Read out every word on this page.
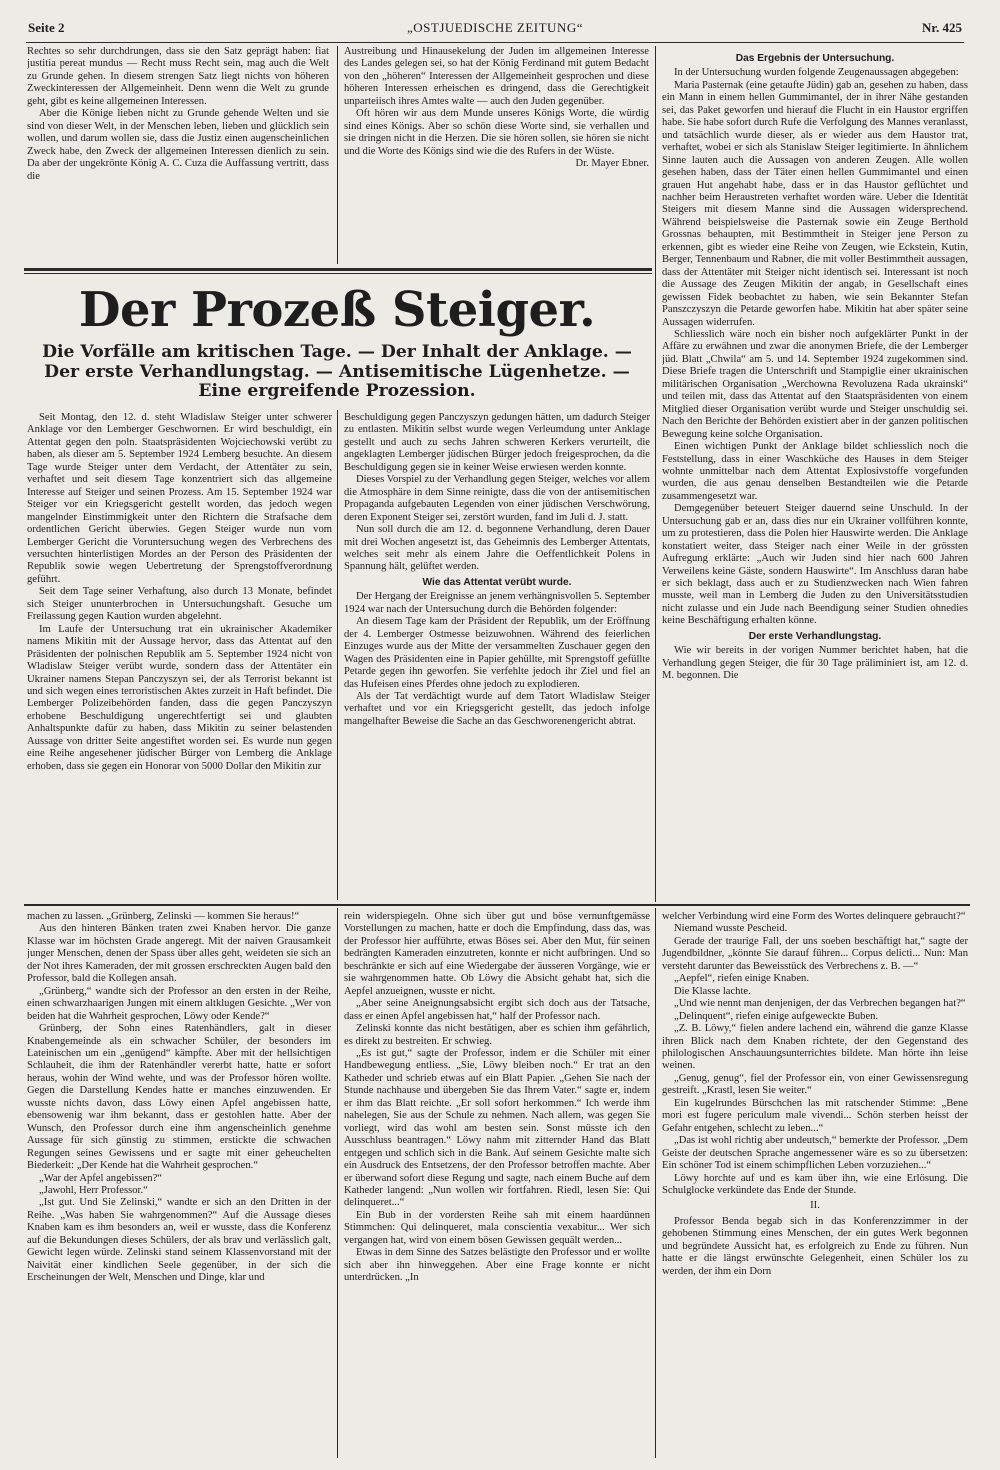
Seite 2	„OSTJUEDISCHE ZEITUNG“	Nr. 425

Rechtes so sehr durchdrungen, dass sie den Satz geprägt haben: fiat justitia pereat mundus — Recht muss Recht sein, mag auch die Welt zu Grunde gehen. In diesem strengen Satz liegt nichts von höheren Zweckinteressen der Allgemeinheit. Denn wenn die Welt zu grunde geht, gibt es keine allgemeinen Interessen.

Aber die Könige lieben nicht zu Grunde gehende Welten und sie sind von dieser Welt, in der Menschen leben, lieben und glücklich sein wollen, und darum wollen sie, dass die Justiz einen augenscheinlichen Zweck habe, den Zweck der allgemeinen Interessen dienlich zu sein. Da aber der ungekrönte König A. C. Cuza die Auffassung vertritt, dass die

Austreibung und Hinausekelung der Juden im allgemeinen Interesse des Landes gelegen sei, so hat der König Ferdinand mit gutem Bedacht von den „höheren“ Interessen der Allgemeinheit gesprochen und diese höheren Interessen erheischen es dringend, dass die Gerechtigkeit unparteiisch ihres Amtes walte — auch den Juden gegenüber.

Oft hören wir aus dem Munde unseres Königs Worte, die würdig sind eines Königs. Aber so schön diese Worte sind, sie verhallen und sie dringen nicht in die Herzen. Die sie hören sollen, sie hören sie nicht und die Worte des Königs sind wie die des Rufers in der Wüste.

Dr. Mayer Ebner.

Der Prozeß Steiger.
Die Vorfälle am kritischen Tage. — Der Inhalt der Anklage. — Der erste Verhandlungstag. — Antisemitische Lügenhetze. — Eine ergreifende Prozession.

Seit Montag, den 12. d. steht Wladislaw Steiger unter schwerer Anklage vor den Lemberger Geschwornen. Er wird beschuldigt, ein Attentat gegen den poln. Staatspräsidenten Wojciechowski verübt zu haben, als dieser am 5. September 1924 Lemberg besuchte. An diesem Tage wurde Steiger unter dem Verdacht, der Attentäter zu sein, verhaftet und seit diesem Tage konzentriert sich das allgemeine Interesse auf Steiger und seinen Prozess. Am 15. September 1924 war Steiger vor ein Kriegsgericht gestellt worden, das jedoch wegen mangelnder Einstimmigkeit unter den Richtern die Strafsache dem ordentlichen Gericht überwies. Gegen Steiger wurde nun vom Lemberger Gericht die Voruntersuchung wegen des Verbrechens des versuchten hinterlistigen Mordes an der Person des Präsidenten der Republik sowie wegen Uebertretung der Sprengstoffverordnung geführt.

Seit dem Tage seiner Verhaftung, also durch 13 Monate, befindet sich Steiger ununterbrochen in Untersuchungshaft. Gesuche um Freilassung gegen Kaution wurden abgelehnt.

Im Laufe der Untersuchung trat ein ukrainischer Akademiker namens Mikitin mit der Aussage hervor, dass das Attentat auf den Präsidenten der polnischen Republik am 5. September 1924 nicht von Wladislaw Steiger verübt wurde, sondern dass der Attentäter ein Ukrainer namens Stepan Panczyszyn sei, der als Terrorist bekannt ist und sich wegen eines terroristischen Aktes zurzeit in Haft befindet. Die Lemberger Polizeibehörden fanden, dass die gegen Panczyszyn erhobene Beschuldigung ungerechtfertigt sei und glaubten Anhaltspunkte dafür zu haben, dass Mikitin zu seiner belastenden Aussage von dritter Seite angestiftet worden sei. Es wurde nun gegen eine Reihe angesehener jüdischer Bürger von Lemberg die Anklage erhoben, dass sie gegen ein Honorar von 5000 Dollar den Mikitin zur

Beschuldigung gegen Panczyszyn gedungen hätten, um dadurch Steiger zu entlasten. Mikitin selbst wurde wegen Verleumdung unter Anklage gestellt und auch zu sechs Jahren schweren Kerkers verurteilt, die angeklagten Lemberger jüdischen Bürger jedoch freigesprochen, da die Beschuldigung gegen sie in keiner Weise erwiesen werden konnte.

Dieses Vorspiel zu der Verhandlung gegen Steiger, welches vor allem die Atmosphäre in dem Sinne reinigte, dass die von der antisemitischen Propaganda aufgebauten Legenden von einer jüdischen Verschwörung, deren Exponent Steiger sei, zerstört wurden, fand im Juli d. J. statt.

Nun soll durch die am 12. d. begonnene Verhandlung, deren Dauer mit drei Wochen angesetzt ist, das Geheimnis des Lemberger Attentats, welches seit mehr als einem Jahre die Oeffentlichkeit Polens in Spannung hält, gelüftet werden.

Wie das Attentat verübt wurde.

Der Hergang der Ereignisse an jenem verhängnisvollen 5. September 1924 war nach der Untersuchung durch die Behörden folgender:

An diesem Tage kam der Präsident der Republik, um der Eröffnung der 4. Lemberger Ostmesse beizuwohnen. Während des feierlichen Einzuges wurde aus der Mitte der versammelten Zuschauer gegen den Wagen des Präsidenten eine in Papier gehüllte, mit Sprengstoff gefüllte Petarde gegen ihn geworfen. Sie verfehlte jedoch ihr Ziel und fiel an das Hufeisen eines Pferdes ohne jedoch zu explodieren.

Als der Tat verdächtigt wurde auf dem Tatort Wladislaw Steiger verhaftet und vor ein Kriegsgericht gestellt, das jedoch infolge mangelhafter Beweise die Sache an das Geschworenengericht abtrat.

Das Ergebnis der Untersuchung.

In der Untersuchung wurden folgende Zeugenaussagen abgegeben:

Maria Pasternak (eine getaufte Jüdin) gab an, gesehen zu haben, dass ein Mann in einem hellen Gummimantel, der in ihrer Nähe gestanden sei, das Paket geworfen und hierauf die Flucht in ein Haustor ergriffen habe. Sie habe sofort durch Rufe die Verfolgung des Mannes veranlasst, und tatsächlich wurde dieser, als er wieder aus dem Haustor trat, verhaftet, wobei er sich als Stanislaw Steiger legitimierte. In ähnlichem Sinne lauten auch die Aussagen von anderen Zeugen. Alle wollen gesehen haben, dass der Täter einen hellen Gummimantel und einen grauen Hut angehabt habe, dass er in das Haustor geflüchtet und nachher beim Heraustreten verhaftet worden wäre. Ueber die Identität Steigers mit diesem Manne sind die Aussagen widersprechend. Während beispielsweise die Pasternak sowie ein Zeuge Berthold Grossnas behaupten, mit Bestimmtheit in Steiger jene Person zu erkennen, gibt es wieder eine Reihe von Zeugen, wie Eckstein, Kutin, Berger, Tennenbaum und Rabner, die mit voller Bestimmtheit aussagen, dass der Attentäter mit Steiger nicht identisch sei. Interessant ist noch die Aussage des Zeugen Mikitin der angab, in Gesellschaft eines gewissen Fidek beobachtet zu haben, wie sein Bekannter Stefan Panszczyszyn die Petarde geworfen habe. Mikitin hat aber später seine Aussagen widerrufen.

Schliesslich wäre noch ein bisher noch aufgeklärter Punkt in der Affäre zu erwähnen und zwar die anonymen Briefe, die der Lemberger jüd. Blatt „Chwila“ am 5. und 14. September 1924 zugekommen sind. Diese Briefe tragen die Unterschrift und Stampiglie einer ukrainischen militärischen Organisation „Werchowna Revoluzena Rada ukrainski“ und teilen mit, dass das Attentat auf den Staatspräsidenten von einem Mitglied dieser Organisation verübt wurde und Steiger unschuldig sei. Nach den Berichte der Behörden existiert aber in der ganzen politischen Bewegung keine solche Organisation.

Einen wichtigen Punkt der Anklage bildet schliesslich noch die Feststellung, dass in einer Waschküche des Hauses in dem Steiger wohnte unmittelbar nach dem Attentat Explosivstoffe vorgefunden wurden, die aus genau denselben Bestandteilen wie die Petarde zusammengesetzt war.

Demgegenüber beteuert Steiger dauernd seine Unschuld. In der Untersuchung gab er an, dass dies nur ein Ukrainer vollführen konnte, um zu protestieren, dass die Polen hier Hauswirte werden. Die Anklage konstatiert weiter, dass Steiger nach einer Weile in der grössten Aufregung erklärte: „Auch wir Juden sind hier nach 600 Jahren Verweilens keine Gäste, sondern Hauswirte“. Im Anschluss daran habe er sich beklagt, dass auch er zu Studienzwecken nach Wien fahren musste, weil man in Lemberg die Juden zu den Universitätsstudien nicht zulasse und ein Jude nach Beendigung seiner Studien ohnedies keine Beschäftigung erhalten könne.

Der erste Verhandlungstag.

Wie wir bereits in der vorigen Nummer berichtet haben, hat die Verhandlung gegen Steiger, die für 30 Tage präliminiert ist, am 12. d. M. begonnen. Die

machen zu lassen. „Grünberg, Zelinski — kommen Sie heraus!“

Aus den hinteren Bänken traten zwei Knaben hervor. Die ganze Klasse war im höchsten Grade angeregt. Mit der naiven Grausamkeit junger Menschen, denen der Spass über alles geht, weideten sie sich an der Not ihres Kameraden, der mit grossen erschreckten Augen bald den Professor, bald die Kollegen ansah.

„Grünberg,“ wandte sich der Professor an den ersten in der Reihe, einen schwarzhaarigen Jungen mit einem altklugen Gesichte. „Wer von beiden hat die Wahrheit gesprochen, Löwy oder Kende?“

Grünberg, der Sohn eines Ratenhändlers, galt in dieser Knabengemeinde als ein schwacher Schüler, der besonders im Lateinischen um ein „genügend“ kämpfte. Aber mit der hellsichtigen Schlauheit, die ihm der Ratenhändler vererbt hatte, hatte er sofort heraus, wohin der Wind wehte, und was der Professor hören wollte. Gegen die Darstellung Kendes hatte er manches einzuwenden. Er wusste nichts davon, dass Löwy einen Apfel angebissen hatte, ebensowenig war ihm bekannt, dass er gestohlen hatte. Aber der Wunsch, den Professor durch eine ihm angenscheinlich genehme Aussage für sich günstig zu stimmen, erstickte die schwachen Regungen seines Gewissens und er sagte mit einer geheuchelten Biederkeit: „Der Kende hat die Wahrheit gesprochen.“

„War der Apfel angebissen?“

„Jawohl, Herr Professor.“

„Ist gut. Und Sie Zelinski,“ wandte er sich an den Dritten in der Reihe. „Was haben Sie wahrgenommen?“ Auf die Aussage dieses Knaben kam es ihm besonders an, weil er wusste, dass die Konferenz auf die Bekundungen dieses Schülers, der als brav und verlässlich galt, Gewicht legen würde. Zelinski stand seinem Klassenvorstand mit der Naivität einer kindlichen Seele gegenüber, in der sich die Erscheinungen der Welt, Menschen und Dinge, klar und

rein widerspiegeln. Ohne sich über gut und böse vernunftgemässe Vorstellungen zu machen, hatte er doch die Empfindung, dass das, was der Professor hier aufführte, etwas Böses sei. Aber den Mut, für seinen bedrängten Kameraden einzutreten, konnte er nicht aufbringen. Und so beschränkte er sich auf eine Wiedergabe der äusseren Vorgänge, wie er sie wahrgenommen hatte. Ob Löwy die Absicht gehabt hat, sich die Aepfel anzueignen, wusste er nicht.

„Aber seine Aneignungsabsicht ergibt sich doch aus der Tatsache, dass er einen Apfel angebissen hat,“ half der Professor nach.

Zelinski konnte das nicht bestätigen, aber es schien ihm gefährlich, es direkt zu bestreiten. Er schwieg.

„Es ist gut,“ sagte der Professor, indem er die Schüler mit einer Handbewegung entliess. „Sie, Löwy bleiben noch.“ Er trat an den Katheder und schrieb etwas auf ein Blatt Papier. „Gehen Sie nach der Stunde nachhause und übergeben Sie das Ihrem Vater.“ sagte er, indem er ihm das Blatt reichte. „Er soll sofort herkommen.“ Ich werde ihm nahelegen, Sie aus der Schule zu nehmen. Nach allem, was gegen Sie vorliegt, wird das wohl am besten sein. Sonst müsste ich den Ausschluss beantragen.“ Löwy nahm mit zitternder Hand das Blatt entgegen und schlich sich in die Bank. Auf seinem Gesichte malte sich ein Ausdruck des Entsetzens, der den Professor betroffen machte. Aber er überwand sofort diese Regung und sagte, nach einem Buche auf dem Katheder langend: „Nun wollen wir fortfahren. Riedl, lesen Sie: Qui delinqueret...“

Ein Bub in der vordersten Reihe sah mit einem haardünnen Stimmchen: Qui delinqueret, mala conscientia vexabitur... Wer sich vergangen hat, wird von einem bösen Gewissen gequält werden...

Etwas in dem Sinne des Satzes belästigte den Professor und er wollte sich aber ihn hinweggehen. Aber eine Frage konnte er nicht unterdrücken. „In

welcher Verbindung wird eine Form des Wortes delinquere gebraucht?“

Niemand wusste Pescheid.

Gerade der traurige Fall, der uns soeben beschäftigt hat,“ sagte der Jugendbildner, „könnte Sie darauf führen... Corpus delicti... Nun: Man versteht darunter das Beweisstück des Verbrechens z. B. —“

„Aepfel“, riefen einige Knaben.

Die Klasse lachte.

„Und wie nennt man denjenigen, der das Verbrechen begangen hat?“

„Delinquent“, riefen einige aufgeweckte Buben.

„Z. B. Löwy,“ fielen andere lachend ein, während die ganze Klasse ihren Blick nach dem Knaben richtete, der den Gegenstand des philologischen Anschauungsunterrichtes bildete. Man hörte ihn leise weinen.

„Genug, genug“, fiel der Professor ein, von einer Gewissensregung gestreift. „Krastl, lesen Sie weiter.“

Ein kugelrundes Bürschchen las mit ratschender Stimme: „Bene mori est fugere periculum male vivendi... Schön sterben heisst der Gefahr entgehen, schlecht zu leben...“

„Das ist wohl richtig aber undeutsch,“ bemerkte der Professor. „Dem Geiste der deutschen Sprache angemessener wäre es so zu übersetzen: Ein schöner Tod ist einem schimpflichen Leben vorzuziehen...“

Löwy horchte auf und es kam über ihn, wie eine Erlösung. Die Schulglocke verkündete das Ende der Stunde.

II.

Professor Benda begab sich in das Konferenzzimmer in der gehobenen Stimmung eines Menschen, der ein gutes Werk begonnen und begründete Aussicht hat, es erfolgreich zu Ende zu führen. Nun hatte er die längst erwünschte Gelegenheit, einen Schüler los zu werden, der ihm ein Dorn
